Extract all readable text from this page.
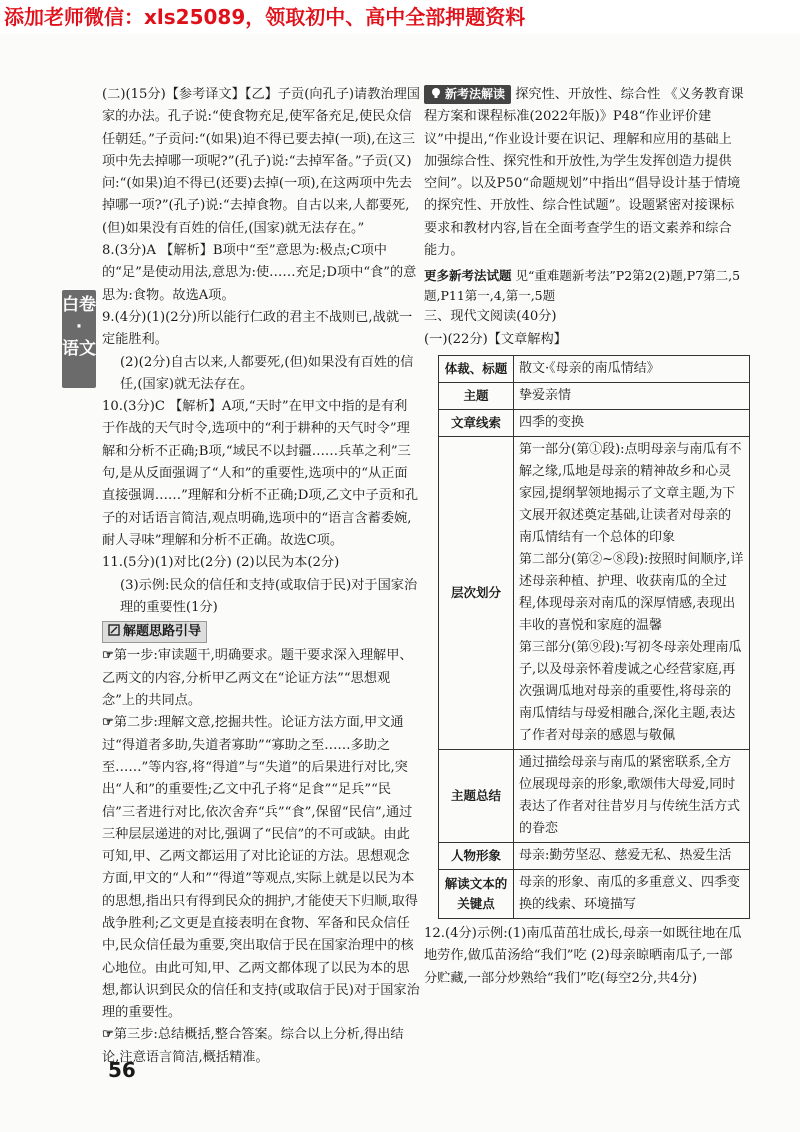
添加老师微信：xls25089，领取初中、高中全部押题资料
白卷
·
语文

(二)(15分)【参考译文】【乙】子贡(向孔子)请教治理国家的办法。孔子说:“使食物充足,使军备充足,使民众信任朝廷。”子贡问:“(如果)迫不得已要去掉(一项),在这三项中先去掉哪一项呢?”(孔子)说:“去掉军备。”子贡(又)问:“(如果)迫不得已(还要)去掉(一项),在这两项中先去掉哪一项?”(孔子)说:“去掉食物。自古以来,人都要死,(但)如果没有百姓的信任,(国家)就无法存在。”

8.(3分)A 【解析】B项中“至”意思为:极点;C项中的“足”是使动用法,意思为:使……充足;D项中“食”的意思为:食物。故选A项。

9.(4分)(1)(2分)所以能行仁政的君主不战则已,战就一定能胜利。

(2)(2分)自古以来,人都要死,(但)如果没有百姓的信任,(国家)就无法存在。

10.(3分)C 【解析】A项,“天时”在甲文中指的是有利于作战的天气时令,选项中的“利于耕种的天气时令”理解和分析不正确;B项,“域民不以封疆……兵革之利”三句,是从反面强调了“人和”的重要性,选项中的“从正面直接强调……”理解和分析不正确;D项,乙文中子贡和孔子的对话语言简洁,观点明确,选项中的“语言含蓄委婉,耐人寻味”理解和分析不正确。故选C项。

11.(5分)(1)对比(2分) (2)以民为本(2分)

(3)示例:民众的信任和支持(或取信于民)对于国家治理的重要性(1分)

解题思路引导

☞第一步:审读题干,明确要求。题干要求深入理解甲、乙两文的内容,分析甲乙两文在“论证方法”“思想观念”上的共同点。

☞第二步:理解文意,挖掘共性。论证方法方面,甲文通过“得道者多助,失道者寡助”“寡助之至……多助之至……”等内容,将“得道”与“失道”的后果进行对比,突出“人和”的重要性;乙文中孔子将“足食”“足兵”“民信”三者进行对比,依次舍弃“兵”“食”,保留“民信”,通过三种层层递进的对比,强调了“民信”的不可或缺。由此可知,甲、乙两文都运用了对比论证的方法。思想观念方面,甲文的“人和”“得道”等观点,实际上就是以民为本的思想,指出只有得到民众的拥护,才能使天下归顺,取得战争胜利;乙文更是直接表明在食物、军备和民众信任中,民众信任最为重要,突出取信于民在国家治理中的核心地位。由此可知,甲、乙两文都体现了以民为本的思想,都认识到民众的信任和支持(或取信于民)对于国家治理的重要性。

☞第三步:总结概括,整合答案。综合以上分析,得出结论,注意语言简洁,概括精准。

新考法解读 探究性、开放性、综合性 《义务教育课程方案和课程标准(2022年版)》P48“作业评价建议”中提出,“作业设计要在识记、理解和应用的基础上加强综合性、探究性和开放性,为学生发挥创造力提供空间”。以及P50“命题规划”中指出“倡导设计基于情境的探究性、开放性、综合性试题”。设题紧密对接课标要求和教材内容,旨在全面考查学生的语文素养和综合能力。

更多新考法试题 见“重难题新考法”P2第2(2)题,P7第二,5题,P11第一,4,第一,5题

三、现代文阅读(40分)

(一)(22分)【文章解构】

体裁、标题	散文·《母亲的南瓜情结》
主题	挚爱亲情
文章线索	四季的变换
层次划分	第一部分(第①段):点明母亲与南瓜有不解之缘,瓜地是母亲的精神故乡和心灵家园,提纲挈领地揭示了文章主题,为下文展开叙述奠定基础,让读者对母亲的南瓜情结有一个总体的印象
第二部分(第②~⑧段):按照时间顺序,详述母亲种植、护理、收获南瓜的全过程,体现母亲对南瓜的深厚情感,表现出丰收的喜悦和家庭的温馨
第三部分(第⑨段):写初冬母亲处理南瓜子,以及母亲怀着虔诚之心经营家庭,再次强调瓜地对母亲的重要性,将母亲的南瓜情结与母爱相融合,深化主题,表达了作者对母亲的感恩与敬佩
主题总结	通过描绘母亲与南瓜的紧密联系,全方位展现母亲的形象,歌颂伟大母爱,同时表达了作者对往昔岁月与传统生活方式的眷恋
人物形象	母亲:勤劳坚忍、慈爱无私、热爱生活
解读文本的关键点	母亲的形象、南瓜的多重意义、四季变换的线索、环境描写

12.(4分)示例:(1)南瓜苗茁壮成长,母亲一如既往地在瓜地劳作,做瓜苗汤给“我们”吃 (2)母亲晾晒南瓜子,一部分贮藏,一部分炒熟给“我们”吃(每空2分,共4分)

56
